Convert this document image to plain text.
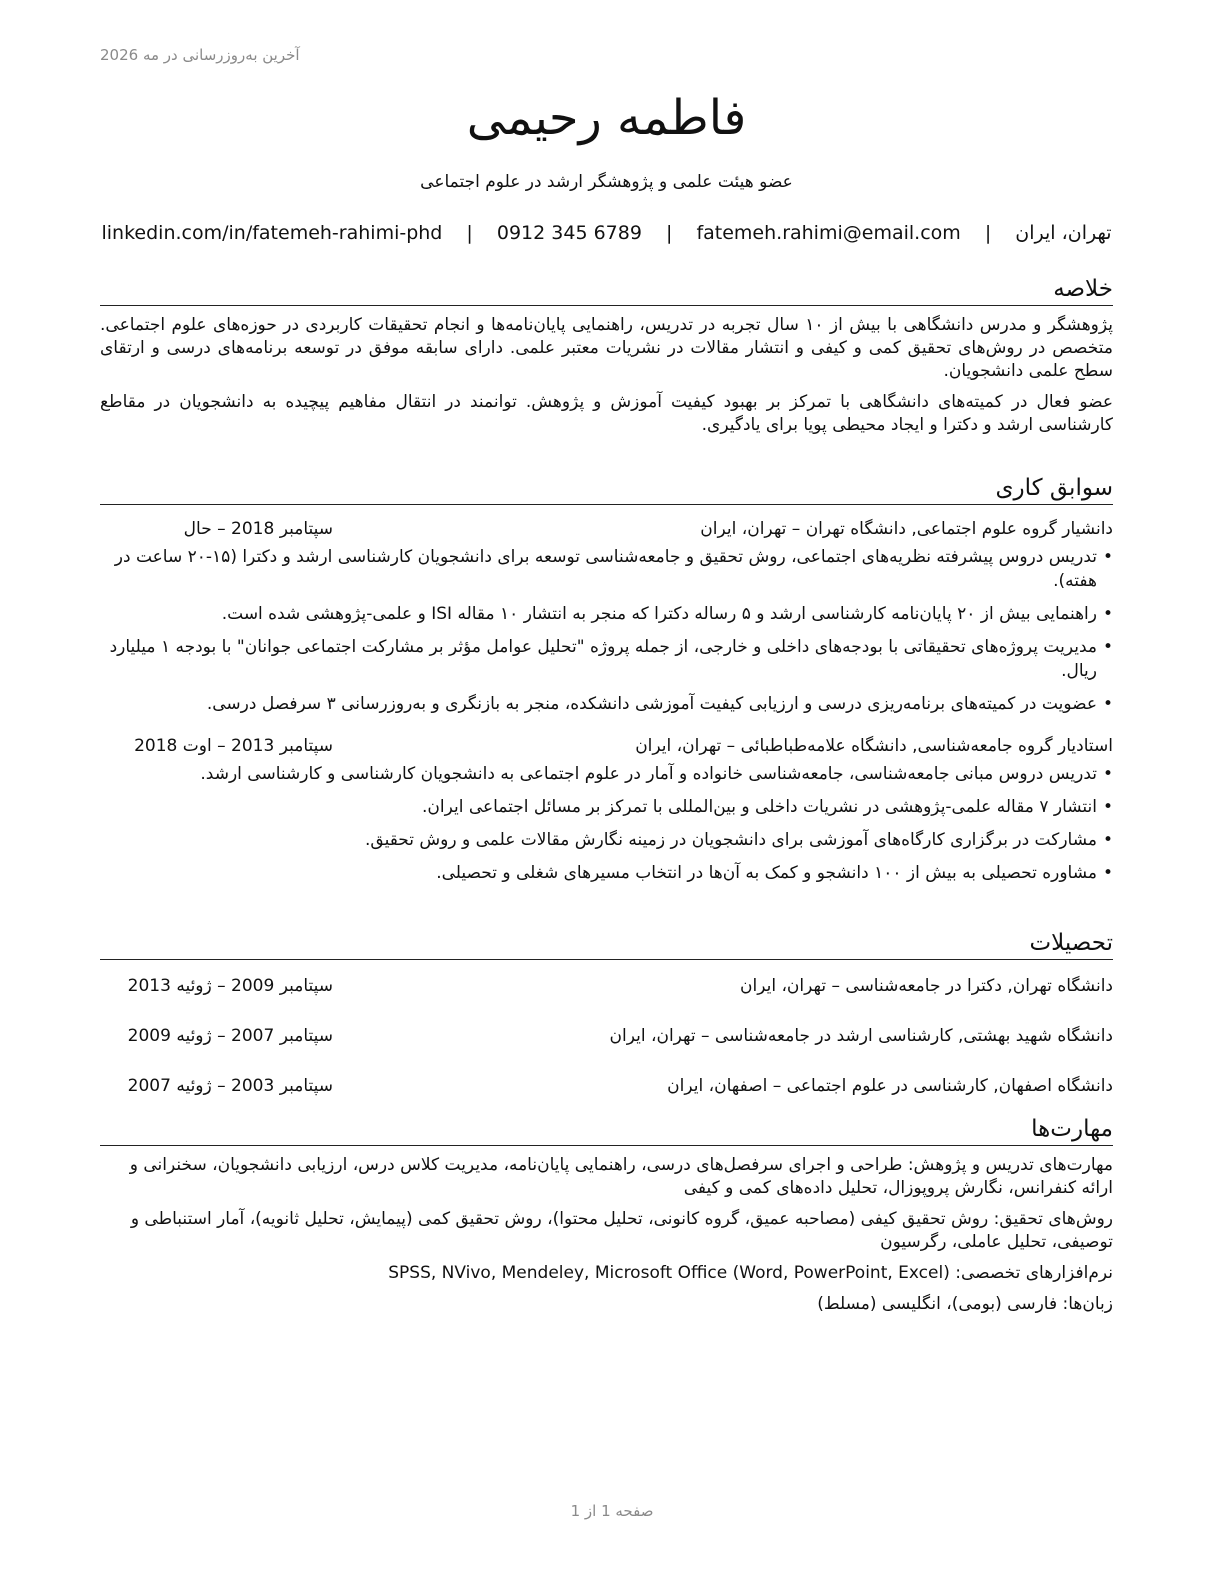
آخرین به‌روزرسانی در مه 2026
فاطمه رحیمی
عضو هیئت علمی و پژوهشگر ارشد در علوم اجتماعی
تهران، ایران | fatemeh.rahimi@email.com | 0912 345 6789 | linkedin.com/in/fatemeh-rahimi-phd
خلاصه

پژوهشگر و مدرس دانشگاهی با بیش از ۱۰ سال تجربه در تدریس، راهنمایی پایان‌نامه‌ها و انجام تحقیقات کاربردی در حوزه‌های علوم اجتماعی. متخصص در روش‌های تحقیق کمی و کیفی و انتشار مقالات در نشریات معتبر علمی. دارای سابقه موفق در توسعه برنامه‌های درسی و ارتقای سطح علمی دانشجویان.

عضو فعال در کمیته‌های دانشگاهی با تمرکز بر بهبود کیفیت آموزش و پژوهش. توانمند در انتقال مفاهیم پیچیده به دانشجویان در مقاطع کارشناسی ارشد و دکترا و ایجاد محیطی پویا برای یادگیری.

سوابق کاری
دانشیار گروه علوم اجتماعی, دانشگاه تهران – تهران، ایران
سپتامبر 2018 – حال
• تدریس دروس پیشرفته نظریه‌های اجتماعی، روش تحقیق و جامعه‌شناسی توسعه برای دانشجویان کارشناسی ارشد و دکترا (۱۵-۲۰ ساعت در هفته).
• راهنمایی بیش از ۲۰ پایان‌نامه کارشناسی ارشد و ۵ رساله دکترا که منجر به انتشار ۱۰ مقاله ISI و علمی-پژوهشی شده است.
• مدیریت پروژه‌های تحقیقاتی با بودجه‌های داخلی و خارجی، از جمله پروژه "تحلیل عوامل مؤثر بر مشارکت اجتماعی جوانان" با بودجه ۱ میلیارد ریال.
• عضویت در کمیته‌های برنامه‌ریزی درسی و ارزیابی کیفیت آموزشی دانشکده، منجر به بازنگری و به‌روزرسانی ۳ سرفصل درسی.
استادیار گروه جامعه‌شناسی, دانشگاه علامه‌طباطبائی – تهران، ایران
سپتامبر 2013 – اوت 2018
• تدریس دروس مبانی جامعه‌شناسی، جامعه‌شناسی خانواده و آمار در علوم اجتماعی به دانشجویان کارشناسی و کارشناسی ارشد.
• انتشار ۷ مقاله علمی-پژوهشی در نشریات داخلی و بین‌المللی با تمرکز بر مسائل اجتماعی ایران.
• مشارکت در برگزاری کارگاه‌های آموزشی برای دانشجویان در زمینه نگارش مقالات علمی و روش تحقیق.
• مشاوره تحصیلی به بیش از ۱۰۰ دانشجو و کمک به آن‌ها در انتخاب مسیرهای شغلی و تحصیلی.
تحصیلات
دانشگاه تهران, دکترا در جامعه‌شناسی – تهران، ایران
سپتامبر 2009 – ژوئیه 2013
دانشگاه شهید بهشتی, کارشناسی ارشد در جامعه‌شناسی – تهران، ایران
سپتامبر 2007 – ژوئیه 2009
دانشگاه اصفهان, کارشناسی در علوم اجتماعی – اصفهان، ایران
سپتامبر 2003 – ژوئیه 2007
مهارت‌ها
مهارت‌های تدریس و پژوهش: طراحی و اجرای سرفصل‌های درسی، راهنمایی پایان‌نامه، مدیریت کلاس درس، ارزیابی دانشجویان، سخنرانی و ارائه کنفرانس، نگارش پروپوزال، تحلیل داده‌های کمی و کیفی
روش‌های تحقیق: روش تحقیق کیفی (مصاحبه عمیق، گروه کانونی، تحلیل محتوا)، روش تحقیق کمی (پیمایش، تحلیل ثانویه)، آمار استنباطی و توصیفی، تحلیل عاملی، رگرسیون
نرم‌افزارهای تخصصی: SPSS, NVivo, Mendeley, Microsoft Office (Word, PowerPoint, Excel)
زبان‌ها: فارسی (بومی)، انگلیسی (مسلط)
صفحه 1 از 1
